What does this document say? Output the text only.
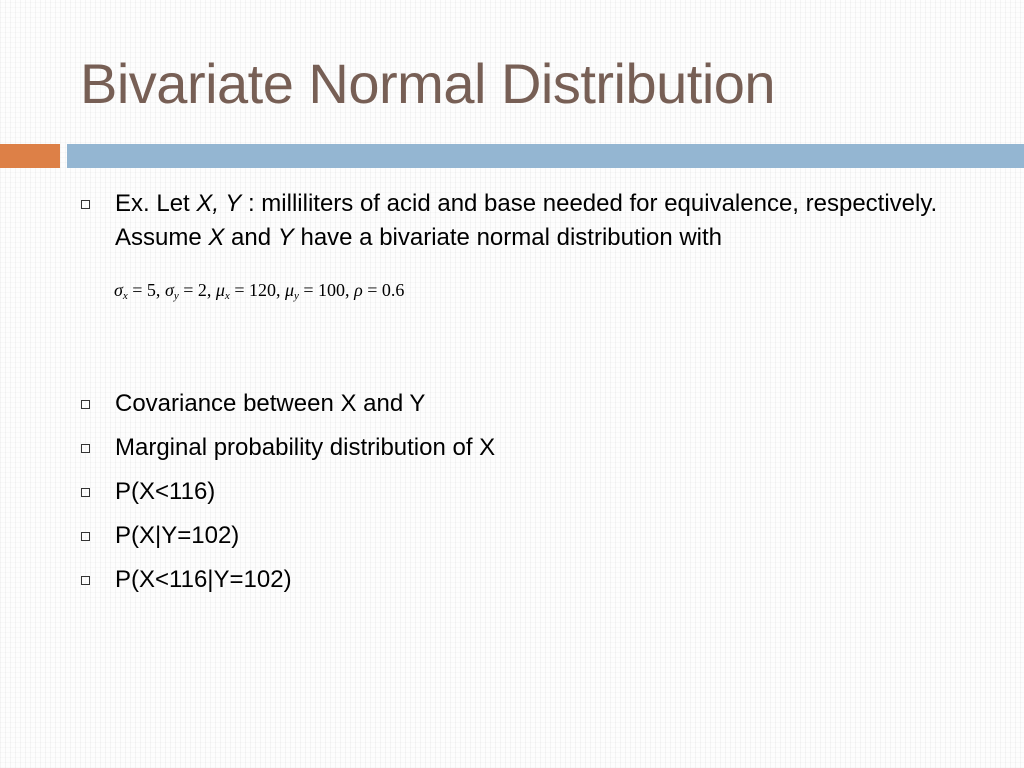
Bivariate Normal Distribution
Ex. Let X, Y : milliliters of acid and base needed for equivalence, respectively. Assume X and Y have a bivariate normal distribution with
Covariance between X and Y
Marginal probability distribution of X
P(X<116)
P(X|Y=102)
P(X<116|Y=102)
$\sigma_x = 5$, $\sigma_y = 2$, $\mu_x = 120$, $\mu_y = 100$, ρ = 0.6
